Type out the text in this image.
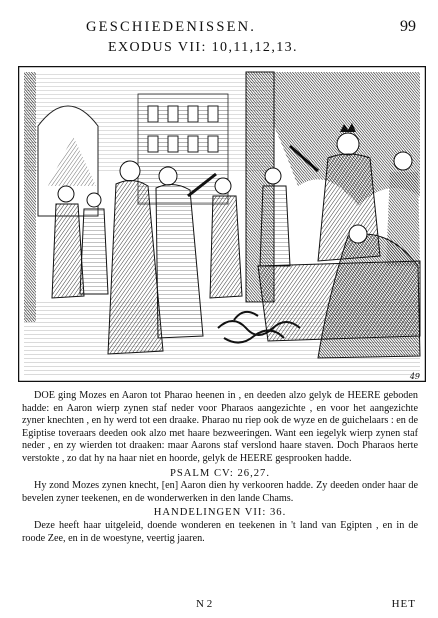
GESCHIEDENISSEN.	99
EXODUS VII: 10,11,12,13.
49

DOE ging Mozes en Aaron tot Pharao heenen in , en deeden alzo gelyk de HEERE geboden hadde: en Aaron wierp zynen staf neder voor Pharaos aangezichte , en voor het aangezichte zyner knechten , en hy werd tot een draake. Pharao nu riep ook de wyze en de guichelaars : en de Egiptise toveraars deeden ook alzo met haare bezweeringen. Want een iegelyk wierp zynen staf neder , en zy wierden tot draaken: maar Aarons staf verslond haare staven. Doch Pharaos herte verstokte , zo dat hy na haar niet en hoorde, gelyk de HEERE gesprooken hadde.

PSALM CV: 26,27.

Hy zond Mozes zynen knecht, [en] Aaron dien hy verkooren hadde. Zy deeden onder haar de bevelen zyner teekenen, en de wonderwerken in den lande Chams.

HANDELINGEN VII: 36.

Deze heeft haar uitgeleid, doende wonderen en teekenen in 't land van Egipten , en in de roode Zee, en in de woestyne, veertig jaaren.

N 2	HET
